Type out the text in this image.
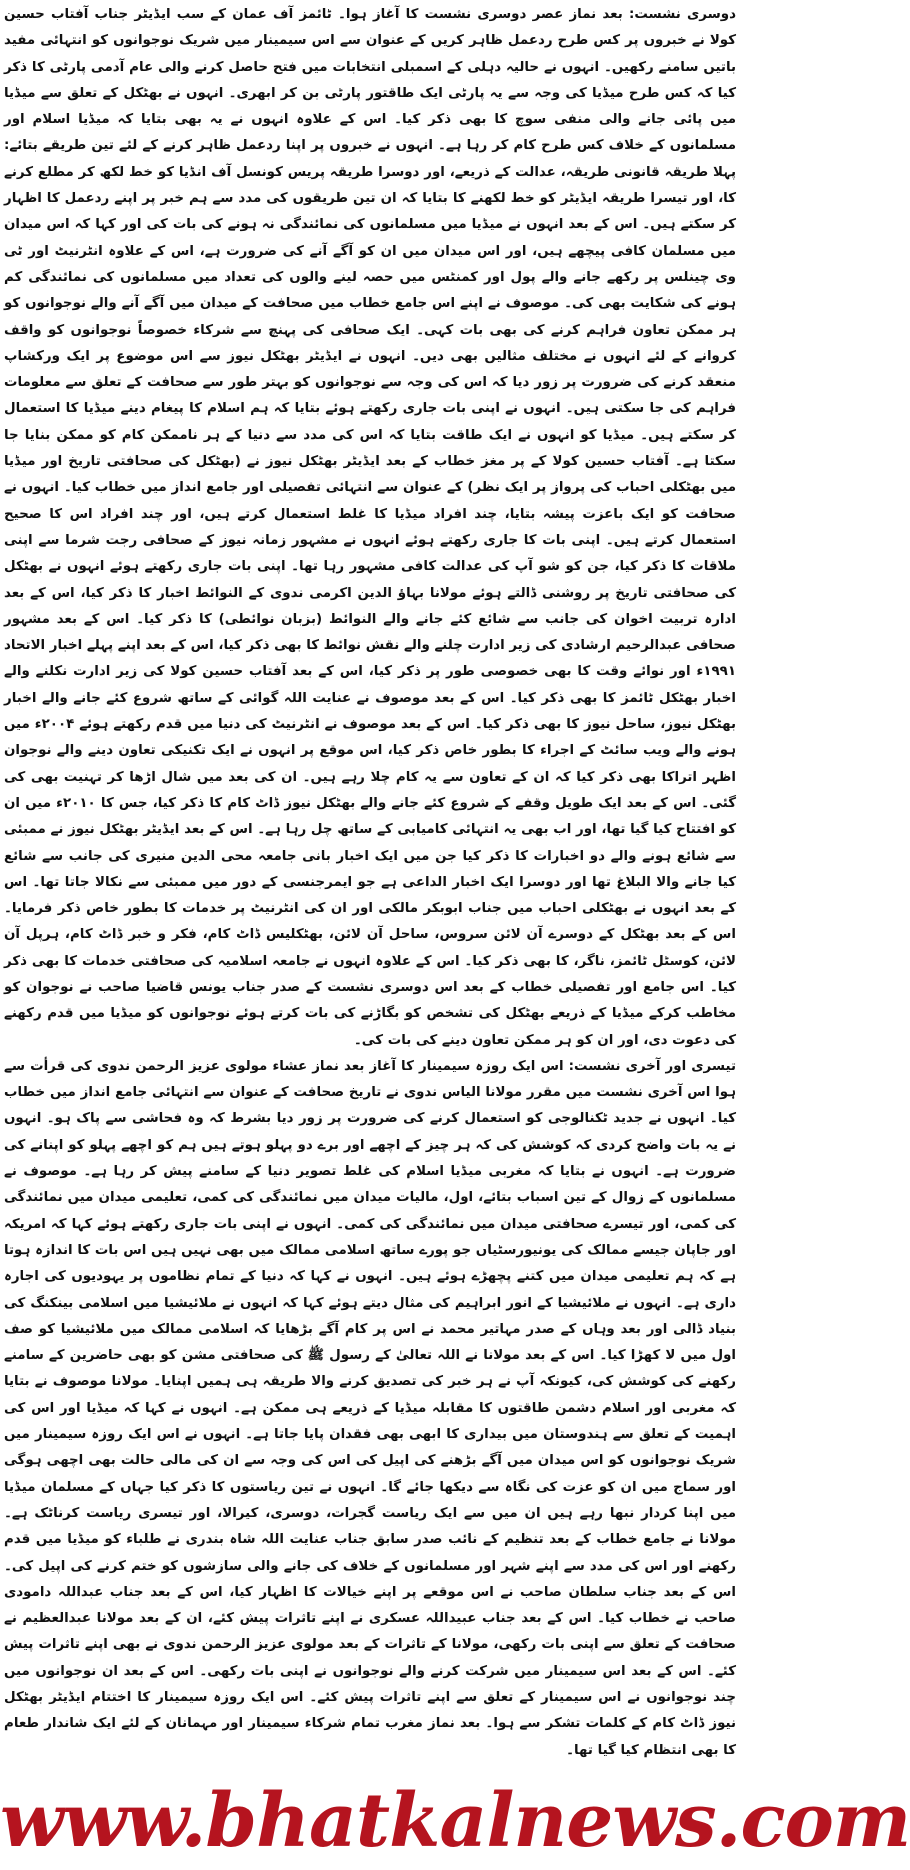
دوسری نشست: بعد نماز عصر دوسری نشست کا آغاز ہوا۔ ٹائمز آف عمان کے سب ایڈیٹر جناب آفتاب حسین کولا نے خبروں پر کس طرح ردعمل ظاہر کریں کے عنوان سے اس سیمینار میں شریک نوجوانوں کو انتہائی مفید باتیں سامنے رکھیں۔ انہوں نے حالیہ دہلی کے اسمبلی انتخابات میں فتح حاصل کرنے والی عام آدمی پارٹی کا ذکر کیا کہ کس طرح میڈیا کی وجہ سے یہ پارٹی ایک طاقتور پارٹی بن کر ابھری۔ انہوں نے بھٹکل کے تعلق سے میڈیا میں پائی جانے والی منفی سوچ کا بھی ذکر کیا۔ اس کے علاوہ انہوں نے یہ بھی بتایا کہ میڈیا اسلام اور مسلمانوں کے خلاف کس طرح کام کر رہا ہے۔ انہوں نے خبروں پر اپنا ردعمل ظاہر کرنے کے لئے تین طریقے بتائے: پہلا طریقہ قانونی طریقہ، عدالت کے ذریعے، اور دوسرا طریقہ پریس کونسل آف انڈیا کو خط لکھ کر مطلع کرنے کا، اور تیسرا طریقہ ایڈیٹر کو خط لکھنے کا بتایا کہ ان تین طریقوں کی مدد سے ہم خبر پر اپنے ردعمل کا اظہار کر سکتے ہیں۔ اس کے بعد انہوں نے میڈیا میں مسلمانوں کی نمائندگی نہ ہونے کی بات کی اور کہا کہ اس میدان میں مسلمان کافی پیچھے ہیں، اور اس میدان میں ان کو آگے آنے کی ضرورت ہے، اس کے علاوہ انٹرنیٹ اور ٹی وی چینلس پر رکھے جانے والے پول اور کمنٹس میں حصہ لینے والوں کی تعداد میں مسلمانوں کی نمائندگی کم ہونے کی شکایت بھی کی۔ موصوف نے اپنے اس جامع خطاب میں صحافت کے میدان میں آگے آنے والے نوجوانوں کو ہر ممکن تعاون فراہم کرنے کی بھی بات کہی۔ ایک صحافی کی پہنچ سے شرکاء خصوصاً نوجوانوں کو واقف کروانے کے لئے انہوں نے مختلف مثالیں بھی دیں۔ انہوں نے ایڈیٹر بھٹکل نیوز سے اس موضوع پر ایک ورکشاپ منعقد کرنے کی ضرورت پر زور دیا کہ اس کی وجہ سے نوجوانوں کو بہتر طور سے صحافت کے تعلق سے معلومات فراہم کی جا سکتی ہیں۔ انہوں نے اپنی بات جاری رکھتے ہوئے بتایا کہ ہم اسلام کا پیغام دینے میڈیا کا استعمال کر سکتے ہیں۔ میڈیا کو انہوں نے ایک طاقت بتایا کہ اس کی مدد سے دنیا کے ہر ناممکن کام کو ممکن بنایا جا سکتا ہے۔ آفتاب حسین کولا کے پر مغز خطاب کے بعد ایڈیٹر بھٹکل نیوز نے (بھٹکل کی صحافتی تاریخ اور میڈیا میں بھٹکلی احباب کی پرواز پر ایک نظر) کے عنوان سے انتہائی تفصیلی اور جامع انداز میں خطاب کیا۔ انہوں نے صحافت کو ایک باعزت پیشہ بتایا، چند افراد میڈیا کا غلط استعمال کرتے ہیں، اور چند افراد اس کا صحیح استعمال کرتے ہیں۔ اپنی بات کا جاری رکھتے ہوئے انہوں نے مشہور زمانہ نیوز کے صحافی رجت شرما سے اپنی ملاقات کا ذکر کیا، جن کو شو آپ کی عدالت کافی مشہور رہا تھا۔ اپنی بات جاری رکھتے ہوئے انہوں نے بھٹکل کی صحافتی تاریخ پر روشنی ڈالتے ہوئے مولانا بہاؤ الدین اکرمی ندوی کے النوائط اخبار کا ذکر کیا، اس کے بعد ادارہ تربیت اخوان کی جانب سے شائع کئے جانے والے النوائط (بزبان نوائطی) کا ذکر کیا۔ اس کے بعد مشہور صحافی عبدالرحیم ارشادی کی زیر ادارت چلنے والے نقش نوائط کا بھی ذکر کیا، اس کے بعد اپنے پہلے اخبار الاتحاد ۱۹۹۱ء اور نوائے وقت کا بھی خصوصی طور پر ذکر کیا، اس کے بعد آفتاب حسین کولا کی زیر ادارت نکلنے والے اخبار بھٹکل ٹائمز کا بھی ذکر کیا۔ اس کے بعد موصوف نے عنایت اللہ گوائی کے ساتھ شروع کئے جانے والے اخبار بھٹکل نیوز، ساحل نیوز کا بھی ذکر کیا۔ اس کے بعد موصوف نے انٹرنیٹ کی دنیا میں قدم رکھتے ہوئے ۲۰۰۴ء میں ہونے والے ویب سائٹ کے اجراء کا بطور خاص ذکر کیا، اس موقع پر انہوں نے ایک تکنیکی تعاون دینے والے نوجوان اظہر اتراکا بھی ذکر کیا کہ ان کے تعاون سے یہ کام چلا رہے ہیں۔ ان کی بعد میں شال اڑھا کر تہنیت بھی کی گئی۔ اس کے بعد ایک طویل وقفے کے شروع کئے جانے والے بھٹکل نیوز ڈاٹ کام کا ذکر کیا، جس کا ۲۰۱۰ء میں ان کو افتتاح کیا گیا تھا، اور اب بھی یہ انتہائی کامیابی کے ساتھ چل رہا ہے۔ اس کے بعد ایڈیٹر بھٹکل نیوز نے ممبئی سے شائع ہونے والے دو اخبارات کا ذکر کیا جن میں ایک اخبار بانی جامعہ محی الدین منیری کی جانب سے شائع کیا جانے والا البلاغ تھا اور دوسرا ایک اخبار الداعی ہے جو ایمرجنسی کے دور میں ممبئی سے نکالا جاتا تھا۔ اس کے بعد انہوں نے بھٹکلی احباب میں جناب ابوبکر مالکی اور ان کی انٹرنیٹ پر خدمات کا بطور خاص ذکر فرمایا۔ اس کے بعد بھٹکل کے دوسرے آن لائن سروس، ساحل آن لائن، بھٹکلیس ڈاٹ کام، فکر و خبر ڈاٹ کام، ہرپل آن لائن، کوسٹل ٹائمز، ناگر، کا بھی ذکر کیا۔ اس کے علاوہ انہوں نے جامعہ اسلامیہ کی صحافتی خدمات کا بھی ذکر کیا۔ اس جامع اور تفصیلی خطاب کے بعد اس دوسری نشست کے صدر جناب یونس قاضیا صاحب نے نوجوان کو مخاطب کرکے میڈیا کے ذریعے بھٹکل کی تشخص کو بگاڑنے کی بات کرتے ہوئے نوجوانوں کو میڈیا میں قدم رکھنے کی دعوت دی، اور ان کو ہر ممکن تعاون دینے کی بات کی۔

تیسری اور آخری نشست: اس ایک روزہ سیمینار کا آغاز بعد نماز عشاء مولوی عزیز الرحمن ندوی کی قرأت سے ہوا اس آخری نشست میں مقرر مولانا الیاس ندوی نے تاریخ صحافت کے عنوان سے انتہائی جامع انداز میں خطاب کیا۔ انہوں نے جدید ٹکنالوجی کو استعمال کرنے کی ضرورت پر زور دیا بشرط کہ وہ فحاشی سے پاک ہو۔ انہوں نے یہ بات واضح کردی کہ کوشش کی کہ ہر چیز کے اچھے اور برے دو پہلو ہوتے ہیں ہم کو اچھے پہلو کو اپنانے کی ضرورت ہے۔ انہوں نے بتایا کہ مغربی میڈیا اسلام کی غلط تصویر دنیا کے سامنے پیش کر رہا ہے۔ موصوف نے مسلمانوں کے زوال کے تین اسباب بتائے، اول، مالیات میدان میں نمائندگی کی کمی، تعلیمی میدان میں نمائندگی کی کمی، اور تیسرے صحافتی میدان میں نمائندگی کی کمی۔ انہوں نے اپنی بات جاری رکھتے ہوئے کہا کہ امریکہ اور جاپان جیسے ممالک کی یونیورسٹیاں جو پورے ساتھ اسلامی ممالک میں بھی نہیں ہیں اس بات کا اندازہ ہوتا ہے کہ ہم تعلیمی میدان میں کتنے پچھڑے ہوئے ہیں۔ انہوں نے کہا کہ دنیا کے تمام نظاموں پر یہودیوں کی اجارہ داری ہے۔ انہوں نے ملائیشیا کے انور ابراہیم کی مثال دیتے ہوئے کہا کہ انہوں نے ملائیشیا میں اسلامی بینکنگ کی بنیاد ڈالی اور بعد وہاں کے صدر مہاتیر محمد نے اس پر کام آگے بڑھایا کہ اسلامی ممالک میں ملائیشیا کو صف اول میں لا کھڑا کیا۔ اس کے بعد مولانا نے اللہ تعالیٰ کے رسول ﷺ کی صحافتی مشن کو بھی حاضرین کے سامنے رکھنے کی کوشش کی، کیونکہ آپ نے ہر خبر کی تصدیق کرنے والا طریقہ ہی ہمیں اپنایا۔ مولانا موصوف نے بتایا کہ مغربی اور اسلام دشمن طاقتوں کا مقابلہ میڈیا کے ذریعے ہی ممکن ہے۔ انہوں نے کہا کہ میڈیا اور اس کی اہمیت کے تعلق سے ہندوستان میں بیداری کا ابھی بھی فقدان پایا جاتا ہے۔ انہوں نے اس ایک روزہ سیمینار میں شریک نوجوانوں کو اس میدان میں آگے بڑھنے کی اپیل کی اس کی وجہ سے ان کی مالی حالت بھی اچھی ہوگی اور سماج میں ان کو عزت کی نگاہ سے دیکھا جائے گا۔ انہوں نے تین ریاستوں کا ذکر کیا جہاں کے مسلمان میڈیا میں اپنا کردار نبھا رہے ہیں ان میں سے ایک ریاست گجرات، دوسری، کیرالا، اور تیسری ریاست کرناٹک ہے۔ مولانا نے جامع خطاب کے بعد تنظیم کے نائب صدر سابق جناب عنایت اللہ شاہ بندری نے طلباء کو میڈیا میں قدم رکھنے اور اس کی مدد سے اپنے شہر اور مسلمانوں کے خلاف کی جانے والی سازشوں کو ختم کرنے کی اپیل کی۔ اس کے بعد جناب سلطان صاحب نے اس موقعے پر اپنے خیالات کا اظہار کیا، اس کے بعد جناب عبداللہ دامودی صاحب نے خطاب کیا۔ اس کے بعد جناب عبیداللہ عسکری نے اپنے تاثرات پیش کئے، ان کے بعد مولانا عبدالعظیم نے صحافت کے تعلق سے اپنی بات رکھی، مولانا کے تاثرات کے بعد مولوی عزیز الرحمن ندوی نے بھی اپنے تاثرات پیش کئے۔ اس کے بعد اس سیمینار میں شرکت کرنے والے نوجوانوں نے اپنی بات رکھی۔ اس کے بعد ان نوجوانوں میں چند نوجوانوں نے اس سیمینار کے تعلق سے اپنے تاثرات پیش کئے۔ اس ایک روزہ سیمینار کا اختتام ایڈیٹر بھٹکل نیوز ڈاٹ کام کے کلمات تشکر سے ہوا۔ بعد نماز مغرب تمام شرکاء سیمینار اور مہمانان کے لئے ایک شاندار طعام کا بھی انتظام کیا گیا تھا۔

www.bhatkalnews.com
